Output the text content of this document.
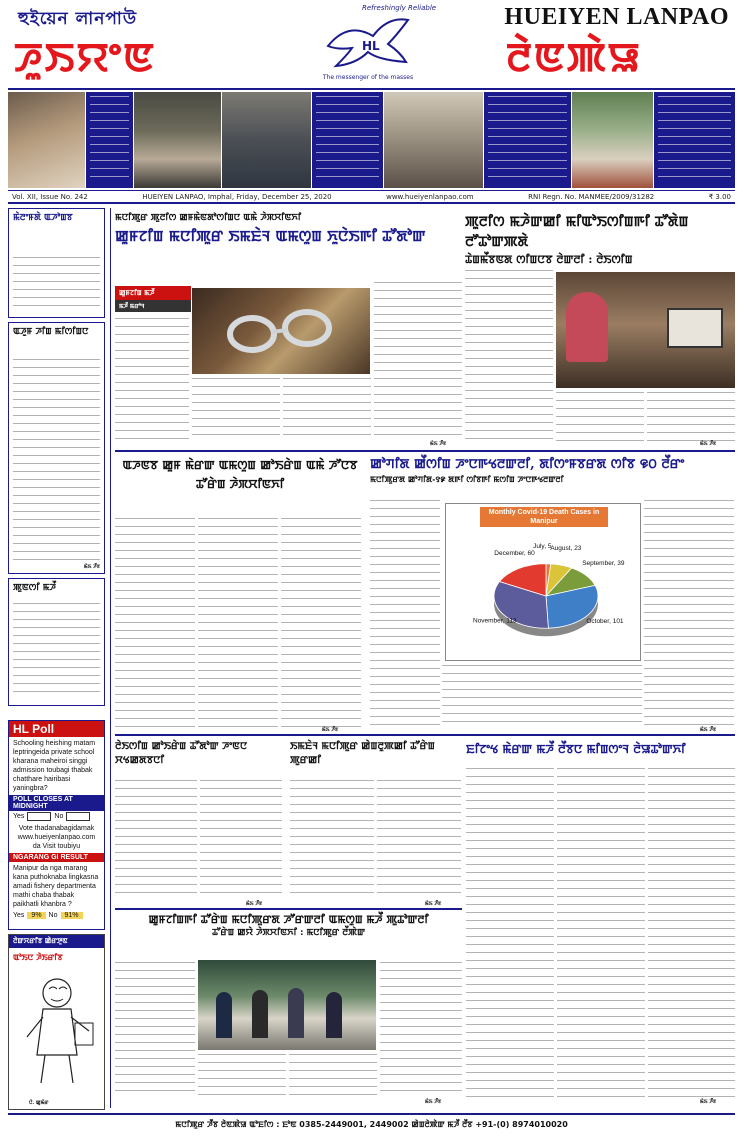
হুইয়েন লানপাউ	HUEIYEN LANPAO
ꯍꯨꯏꯌꯦꯟ	ꯂꯥꯟꯄꯥꯎ
Refreshingly Reliable
HL
The messenger of the masses
Vol. XII, Issue No. 242	HUEIYEN LANPAO, Imphal, Friday, December 25, 2020	www.hueiyenlanpao.com	RNI Regn. No. MANMEE/2009/31282	₹ 3.00
ꯃꯥꯂꯦꯝꯗꯥ ꯑꯍꯣꯡꯕ
ꯑꯍꯨꯝ ꯍꯤꯡ ꯃꯤꯁꯤꯡꯅ
ꯃꯥꯏ ꯍꯩꯕ
ꯄꯨꯟꯁꯤ ꯃꯍꯩ
HL Poll
Schooling heishing matam leptringeida private school kharana maheiroi singgi admission toubagi thabak chatthare hairibasi yaningbra?
POLL CLOSES AT MIDNIGHT
Yes	No
Vote thadanabagidamak www.hueiyenlanpao.com da Visit toubiyu
NGARANG GI RESULT
Manipur da nga marang kana puthoknaba lingkasna amadi fishery departmenta mathi chaba thabak paikhatli khanbra ?
Yes	9%	No	91%
ꯂꯥꯛꯆꯔꯤꯕ ꯀꯥꯔꯇꯨꯟ
ꯑꯣꯏꯅ ꯍꯥꯏꯔꯤꯕ
ꯅꯥ. ꯀꯨꯃꯥꯔ
ꯃꯅꯤꯄꯨꯔ ꯄꯨꯂꯤꯁ ꯀꯝꯃꯥꯟꯗꯣꯁꯤꯡꯅ ꯑꯃꯥ ꯍꯥꯞꯆꯤꯟꯈꯤ
ꯀꯨꯝꯖꯤꯡ ꯃꯅꯤꯄꯨꯔ ꯏꯃꯐꯥꯜ ꯑꯃꯁꯨꯡ ꯈꯨꯅꯥꯏꯒꯤ ꯊꯧꯗꯣꯛ
ꯀꯨꯝꯖꯤꯡ ꯃꯍꯩ
ꯃꯍꯩ ꯃꯔꯣꯜ
ꯃꯥꯏ ꯍꯩꯕ
ꯄꯨꯂꯤꯁ ꯃꯍꯥꯛꯀꯤ ꯃꯤꯑꯣꯏꯁꯤꯡꯒꯤ ꯊꯧꯗꯥꯡ ꯂꯧꯊꯣꯛꯄꯗꯥ
ꯊꯥꯡꯃꯩꯕꯟꯗ ꯁꯤꯡꯅꯕ ꯂꯥꯛꯂꯤ : ꯂꯥꯏꯁꯤꯡ
ꯃꯥꯏ ꯍꯩꯕ
ꯑꯍꯟꯕ ꯀꯨꯝ ꯃꯥꯔꯛ ꯑꯃꯁꯨꯡ ꯀꯣꯏꯔꯥꯡ ꯑꯃꯥ ꯍꯧꯅꯕ ꯊꯧꯔꯥꯡ ꯍꯥꯞꯆꯤꯟꯈꯤ
ꯃꯥꯏ ꯍꯩꯕ
ꯀꯣꯚꯤꯗ ꯀꯩꯁꯤꯡ ꯍꯦꯅꯒꯠꯂꯛꯂꯤ, ꯗꯤꯁꯦꯝꯕꯔꯗ ꯁꯤꯕ ꯶꯰ ꯂꯩꯔꯦ
ꯃꯅꯤꯄꯨꯔꯗ ꯀꯣꯚꯤꯗ-꯱꯹ ꯗꯒꯤ ꯁꯤꯕꯒꯤ ꯃꯁꯤꯡ ꯍꯦꯅꯒꯠꯂꯛꯂꯤ
Monthly Covid-19 Death Cases in Manipur
July, 5
August, 23
September, 39
October, 101
November, 113
December, 60
ꯃꯥꯏ ꯍꯩꯕ
ꯂꯥꯏꯁꯤꯡ ꯀꯣꯏꯔꯥꯡ ꯊꯧꯗꯣꯛ ꯍꯦꯟꯅ ꯆꯠꯀꯗꯕꯅꯤ
ꯃꯥꯏ ꯍꯩꯕ
ꯏꯃꯐꯥꯜ ꯃꯅꯤꯄꯨꯔ ꯀꯥꯡꯂꯨꯄꯀꯤ ꯊꯧꯔꯥꯡ ꯄꯨꯔꯀꯤ
ꯃꯥꯏ ꯍꯩꯕ
ꯐꯤꯖꯦꯠ ꯃꯥꯔꯛ ꯃꯍꯩ ꯂꯩꯕꯅ ꯃꯤꯡꯁꯦꯜ ꯂꯥꯎꯊꯣꯛꯈꯤ
ꯃꯥꯏ ꯍꯩꯕ
ꯀꯨꯝꯖꯤꯡꯒꯤ ꯊꯧꯔꯥꯡ ꯃꯅꯤꯄꯨꯔꯗ ꯍꯧꯔꯛꯂꯤ ꯑꯃꯁꯨꯡ ꯃꯍꯩ ꯄꯨꯊꯣꯛꯂꯤ
ꯊꯧꯔꯥꯡ ꯀꯌꯥ ꯍꯥꯞꯆꯤꯟꯈꯤ : ꯃꯅꯤꯄꯨꯔ ꯂꯩꯄꯥꯛ
ꯃꯥꯏ ꯍꯩꯕ
ꯃꯅꯤꯄꯨꯔ ꯍꯩꯕ ꯂꯥꯟꯄꯥꯎ ꯑꯣꯐꯤꯁ : ꯐꯣꯟ 0385-2449001, 2449002 ꯀꯥꯡꯂꯥꯄꯥꯛ ꯃꯍꯩ ꯂꯩꯕ +91-(0) 8974010020
